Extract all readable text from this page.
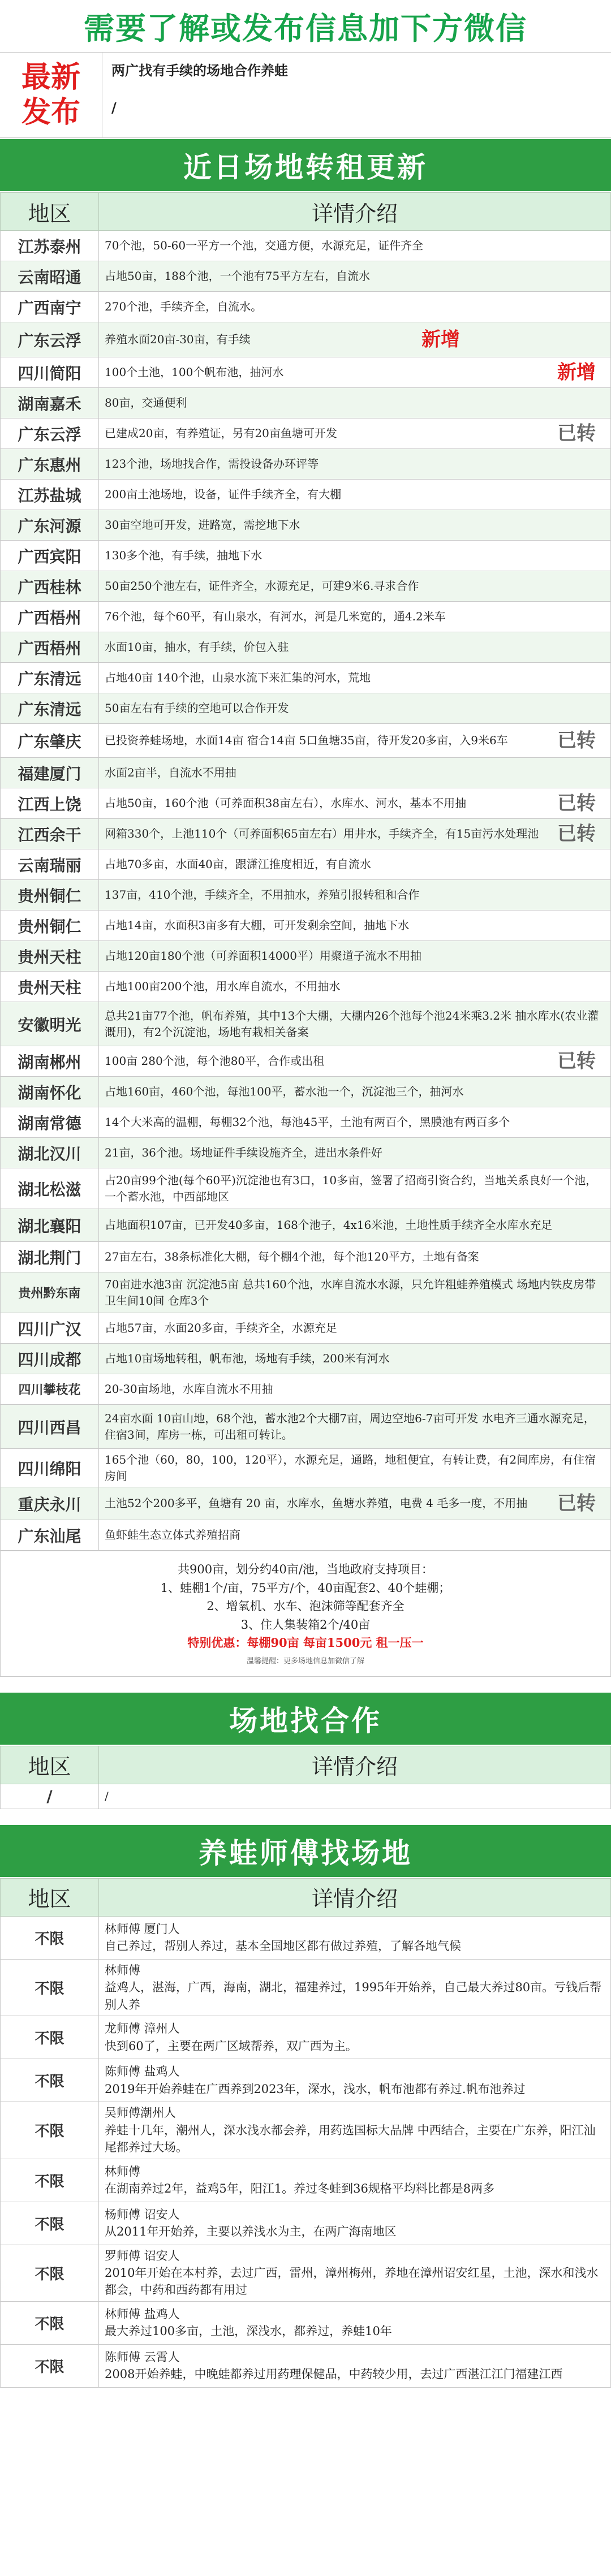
需要了解或发布信息加下方微信
最新
发布
两广找有手续的场地合作养蛙
/
近日场地转租更新
地区	详情介绍
江苏泰州	70个池，50-60一平方一个池，交通方便，水源充足，证件齐全
云南昭通	占地50亩，188个池，一个池有75平方左右，自流水
广西南宁	270个池，手续齐全，自流水。
广东云浮	养殖水面20亩-30亩，有手续 新增

四川简阳	100个土池，100个帆布池，抽河水 新增

湖南嘉禾	80亩，交通便利
广东云浮	已建成20亩，有养殖证，另有20亩鱼塘可开发 已转

广东惠州	123个池，场地找合作，需投设备办环评等
江苏盐城	200亩土池场地，设备，证件手续齐全，有大棚
广东河源	30亩空地可开发，进路宽，需挖地下水
广西宾阳	130多个池，有手续，抽地下水
广西桂林	50亩250个池左右，证件齐全，水源充足，可建9米6.寻求合作
广西梧州	76个池，每个60平，有山泉水，有河水，河是几米宽的，通4.2米车
广西梧州	水面10亩，抽水，有手续，价包入驻
广东清远	占地40亩 140个池，山泉水流下来汇集的河水，荒地
广东清远	50亩左右有手续的空地可以合作开发
广东肇庆	已投资养蛙场地，水面14亩 宿合14亩 5口鱼塘35亩，待开发20多亩，入9米6车 已转

福建厦门	水面2亩半，自流水不用抽
江西上饶	占地50亩，160个池（可养面积38亩左右），水库水、河水，基本不用抽 已转

江西余干	网箱330个，上池110个（可养面积65亩左右）用井水，手续齐全，有15亩污水处理池 已转

云南瑞丽	占地70多亩，水面40亩，跟潇江推度相近，有自流水
贵州铜仁	137亩，410个池，手续齐全，不用抽水，养殖引报转租和合作
贵州铜仁	占地14亩，水面积3亩多有大棚，可开发剩余空间，抽地下水
贵州天柱	占地120亩180个池（可养面积14000平）用聚道子流水不用抽
贵州天柱	占地100亩200个池，用水库自流水，不用抽水
安徽明光	总共21亩77个池，帆布养殖，其中13个大棚，大棚内26个池每个池24米乘3.2米 抽水库水(农业灌溉用)，有2个沉淀池，场地有栽相关备案
湖南郴州	100亩 280个池，每个池80平，合作或出租 已转

湖南怀化	占地160亩，460个池，每池100平，蓄水池一个，沉淀池三个，抽河水
湖南常德	14个大米高的温棚，每棚32个池，每池45平，土池有两百个，黑膜池有两百多个
湖北汉川	21亩，36个池。场地证件手续设施齐全，进出水条件好
湖北松滋	占20亩99个池(每个60平)沉淀池也有3口，10多亩，签署了招商引资合约，当地关系良好一个池，一个蓄水池，中西部地区
湖北襄阳	占地面积107亩，已开发40多亩，168个池子，4x16米池，土地性质手续齐全水库水充足
湖北荆门	27亩左右，38条标准化大棚，每个棚4个池，每个池120平方，土地有备案
贵州黔东南	70亩进水池3亩 沉淀池5亩 总共160个池，水库自流水水源，只允许粗蛙养殖模式 场地内铁皮房带卫生间10间 仓库3个
四川广汉	占地57亩，水面20多亩，手续齐全，水源充足
四川成都	占地10亩场地转租，帆布池，场地有手续，200米有河水
四川攀枝花	20-30亩场地，水库自流水不用抽
四川西昌	24亩水面 10亩山地，68个池，蓄水池2个大棚7亩，周边空地6-7亩可开发 水电齐三通水源充足，住宿3间，库房一栋，可出租可转让。
四川绵阳	165个池（60，80，100，120平），水源充足，通路，地租便宜，有转让费，有2间库房，有住宿房间
重庆永川	土池52个200多平，鱼塘有 20 亩，水库水，鱼塘水养殖，电费 4 毛多一度，不用抽 已转

广东汕尾	鱼虾蛙生态立体式养殖招商
共900亩，划分约40亩/池，当地政府支持项目：
1、蛙棚1个/亩，75平方/个，40亩配套2、40个蛙棚；
2、增氧机、水车、泡沫筛等配套齐全
3、住人集装箱2个/40亩
特别优惠：每棚90亩 每亩1500元 租一压一
温馨提醒：更多场地信息加微信了解
场地找合作
地区	详情介绍
/	/
养蛙师傅找场地
地区	详情介绍
不限	林师傅 厦门人
自己养过，帮别人养过，基本全国地区都有做过养殖，了解各地气候

不限	林师傅
益鸡人，湛海，广西，海南，湖北，福建养过，1995年开始养，自己最大养过80亩。亏钱后帮别人养

不限	龙师傅 漳州人
快到60了，主要在两广区域帮养，双广西为主。

不限	陈师傅 盐鸡人
2019年开始养蛙在广西养到2023年，深水，浅水，帆布池都有养过.帆布池养过

不限	吴师傅潮州人
养蛙十几年，潮州人，深水浅水都会养，用药选国标大品牌 中西结合，主要在广东养，阳江汕尾都养过大场。

不限	林师傅
在湖南养过2年，益鸡5年，阳江1。养过冬蛙到36规格平均料比都是8两多

不限	杨师傅 诏安人
从2011年开始养，主要以养浅水为主，在两广海南地区

不限	罗师傅 诏安人
2010年开始在本村养，去过广西，雷州，漳州梅州，养地在漳州诏安红星，土池，深水和浅水都会，中药和西药都有用过

不限	林师傅 盐鸡人
最大养过100多亩，土池，深浅水，都养过，养蛙10年

不限	陈师傅 云霄人
2008开始养蛙，中晚蛙都养过用药理保健品，中药较少用，去过广西湛江江门福建江西
